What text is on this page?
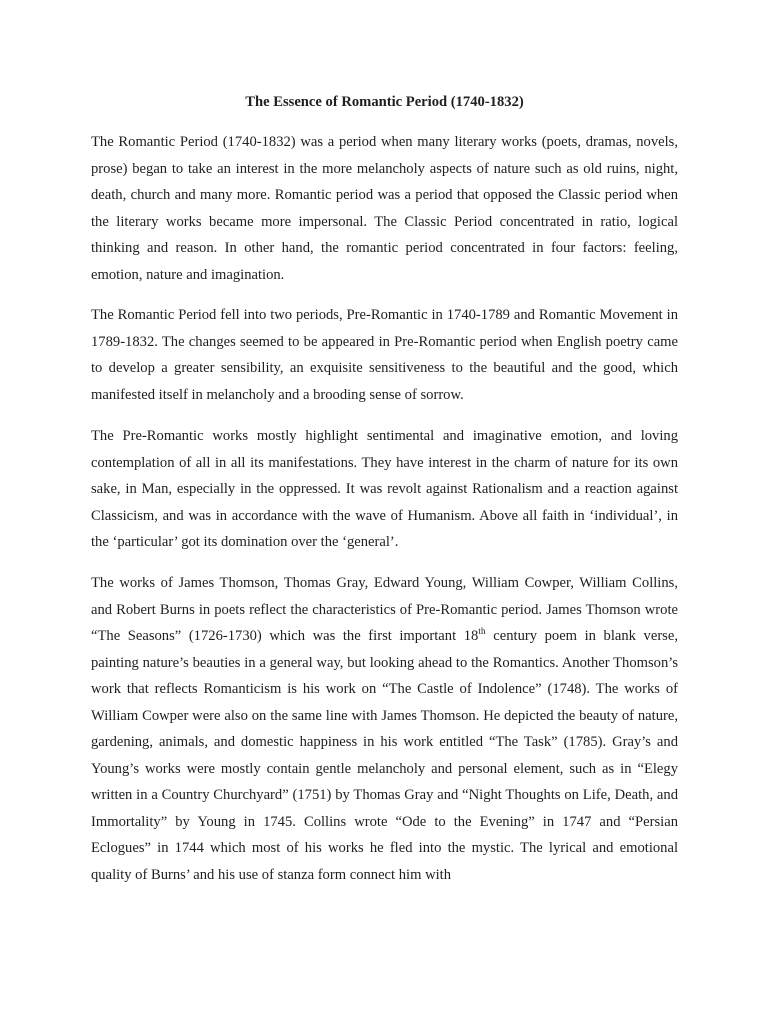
The Essence of Romantic Period (1740-1832)

The Romantic Period (1740-1832) was a period when many literary works (poets, dramas, novels, prose) began to take an interest in the more melancholy aspects of nature such as old ruins, night, death, church and many more. Romantic period was a period that opposed the Classic period when the literary works became more impersonal. The Classic Period concentrated in ratio, logical thinking and reason. In other hand, the romantic period concentrated in four factors: feeling, emotion, nature and imagination.

The Romantic Period fell into two periods, Pre-Romantic in 1740-1789 and Romantic Movement in 1789-1832. The changes seemed to be appeared in Pre-Romantic period when English poetry came to develop a greater sensibility, an exquisite sensitiveness to the beautiful and the good, which manifested itself in melancholy and a brooding sense of sorrow.

The Pre-Romantic works mostly highlight sentimental and imaginative emotion, and loving contemplation of all in all its manifestations. They have interest in the charm of nature for its own sake, in Man, especially in the oppressed. It was revolt against Rationalism and a reaction against Classicism, and was in accordance with the wave of Humanism. Above all faith in ‘individual’, in the ‘particular’ got its domination over the ‘general’.

The works of James Thomson, Thomas Gray, Edward Young, William Cowper, William Collins, and Robert Burns in poets reflect the characteristics of Pre-Romantic period. James Thomson wrote “The Seasons” (1726-1730) which was the first important 18th century poem in blank verse, painting nature’s beauties in a general way, but looking ahead to the Romantics. Another Thomson’s work that reflects Romanticism is his work on “The Castle of Indolence” (1748). The works of William Cowper were also on the same line with James Thomson. He depicted the beauty of nature, gardening, animals, and domestic happiness in his work entitled “The Task” (1785). Gray’s and Young’s works were mostly contain gentle melancholy and personal element, such as in “Elegy written in a Country Churchyard” (1751) by Thomas Gray and “Night Thoughts on Life, Death, and Immortality” by Young in 1745. Collins wrote “Ode to the Evening” in 1747 and “Persian Eclogues” in 1744 which most of his works he fled into the mystic. The lyrical and emotional quality of Burns’ and his use of stanza form connect him with
